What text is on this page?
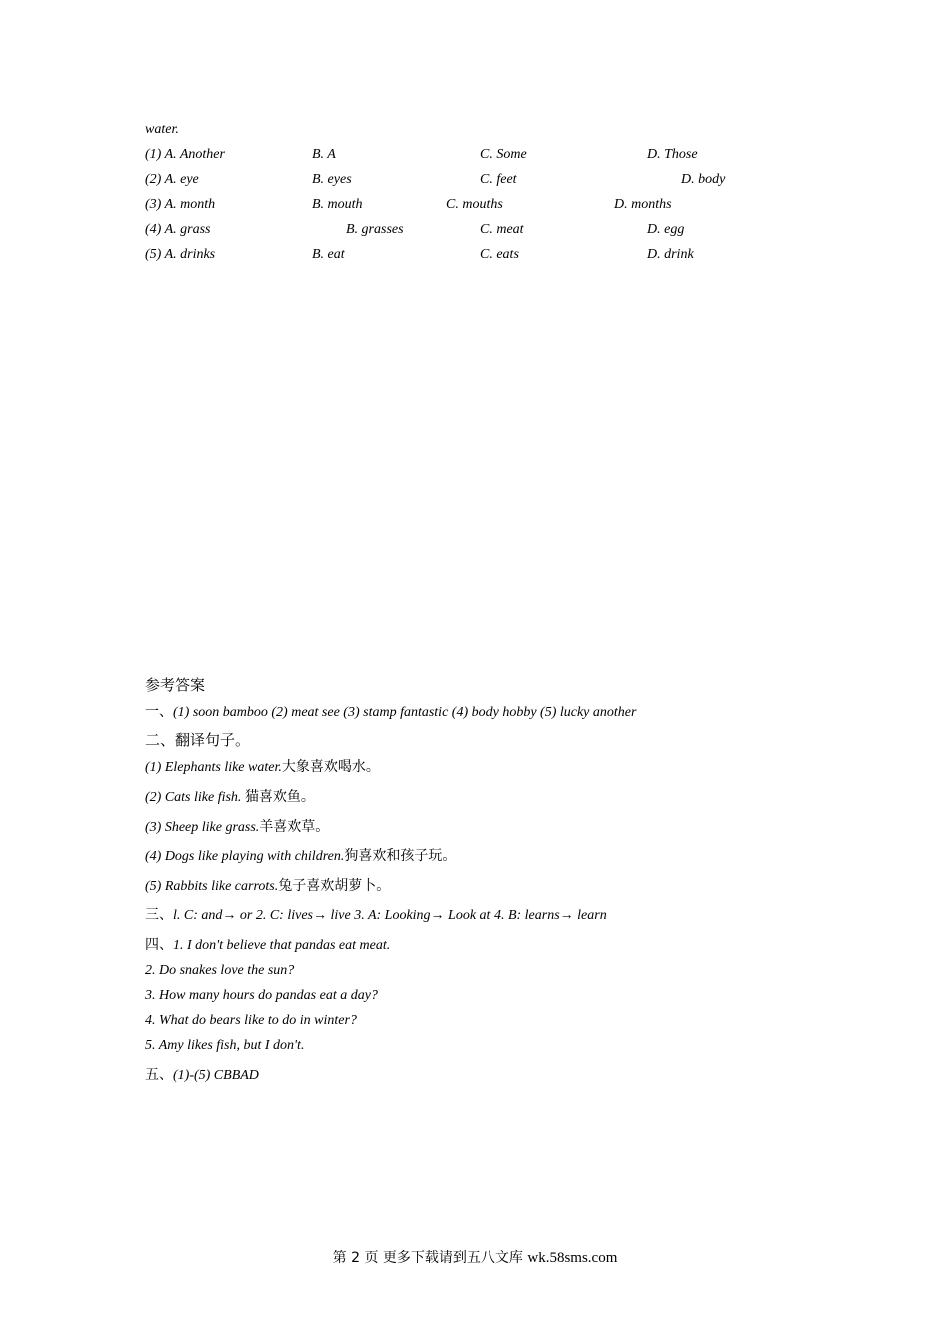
water.
(1) A. Another	B. A	C. Some	D. Those
(2) A. eye	B. eyes	C. feet	D. body
(3) A. month	B. mouth	C. mouths	D. months
(4) A. grass	B. grasses	C. meat	D. egg
(5) A. drinks	B. eat	C. eats	D. drink
参考答案
一、(1) soon bamboo (2) meat see (3) stamp fantastic (4) body hobby (5) lucky another
二、翻译句子。
(1) Elephants like water.大象喜欢喝水。
(2) Cats like fish. 猫喜欢鱼。
(3) Sheep like grass.羊喜欢草。
(4) Dogs like playing with children.狗喜欢和孩子玩。
(5) Rabbits like carrots.兔子喜欢胡萝卜。
三、l. C: and→ or 2. C: lives→ live 3. A: Looking→ Look at 4. B: learns→ learn
四、1. I don't believe that pandas eat meat.
2. Do snakes love the sun?
3. How many hours do pandas eat a day?
4. What do bears like to do in winter?
5. Amy likes fish, but I don't.
五、(1)-(5) CBBAD
第 2 页 更多下载请到五八文库 wk.58sms.com
